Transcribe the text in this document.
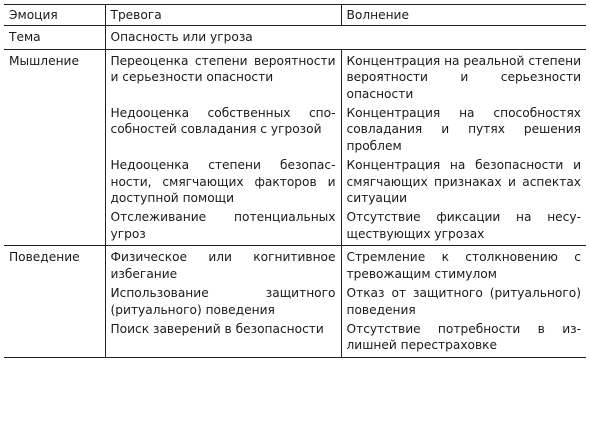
Эмоция	Тревога	Волнение
Тема	Опасность или угроза	
Мышление	Переоценка степени вероятности и серьезности опасности	Концентрация на реальной степени вероятности и серьезности опасности
	Недооценка собственных способностей совладания с угрозой	Концентрация на способностях совладания и путях решения проблем
	Недооценка степени безопасности, смягчающих факторов и доступной помощи	Концентрация на безопасности и смягчающих признаках и аспектах ситуации
	Отслеживание потенциальных угроз	Отсутствие фиксации на несуществующих угрозах
Поведение	Физическое или когнитивное избегание	Стремление к столкновению с тревожащим стимулом
	Использование защитного (ритуального) поведения	Отказ от защитного (ритуального) поведения
	Поиск заверений в безопасности	Отсутствие потребности в излишней перестраховке
